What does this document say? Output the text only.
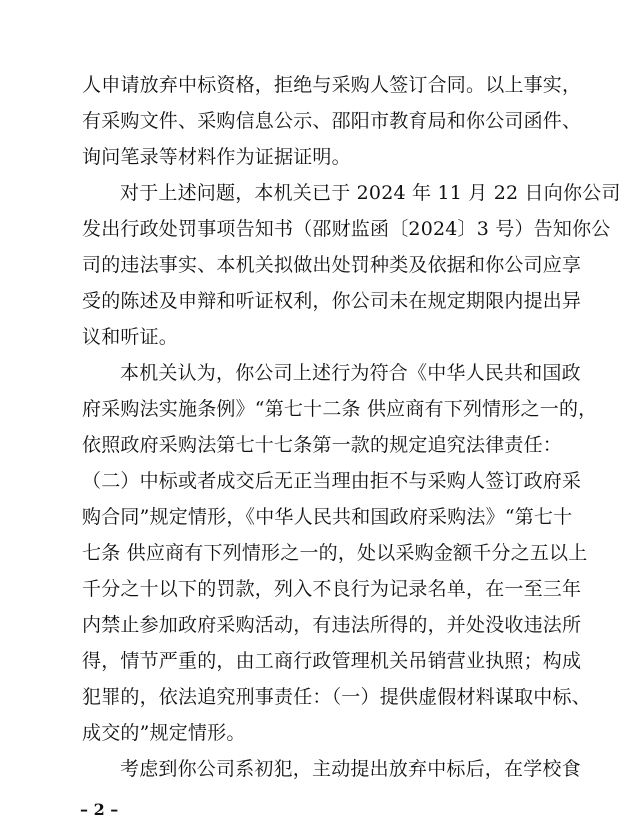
人申请放弃中标资格，拒绝与采购人签订合同。以上事实，
有采购文件、采购信息公示、邵阳市教育局和你公司函件、
询问笔录等材料作为证据证明。
对于上述问题，本机关已于 2024 年 11 月 22 日向你公司
发出行政处罚事项告知书（邵财监函〔2024〕3 号）告知你公
司的违法事实、本机关拟做出处罚种类及依据和你公司应享
受的陈述及申辩和听证权利，你公司未在规定期限内提出异
议和听证。
本机关认为，你公司上述行为符合《中华人民共和国政
府采购法实施条例》“第七十二条 供应商有下列情形之一的，
依照政府采购法第七十七条第一款的规定追究法律责任：
（二）中标或者成交后无正当理由拒不与采购人签订政府采
购合同”规定情形，《中华人民共和国政府采购法》“第七十
七条 供应商有下列情形之一的，处以采购金额千分之五以上
千分之十以下的罚款，列入不良行为记录名单，在一至三年
内禁止参加政府采购活动，有违法所得的，并处没收违法所
得，情节严重的，由工商行政管理机关吊销营业执照；构成
犯罪的，依法追究刑事责任：（一）提供虚假材料谋取中标、
成交的”规定情形。
考虑到你公司系初犯，主动提出放弃中标后，在学校食
– 2 –
